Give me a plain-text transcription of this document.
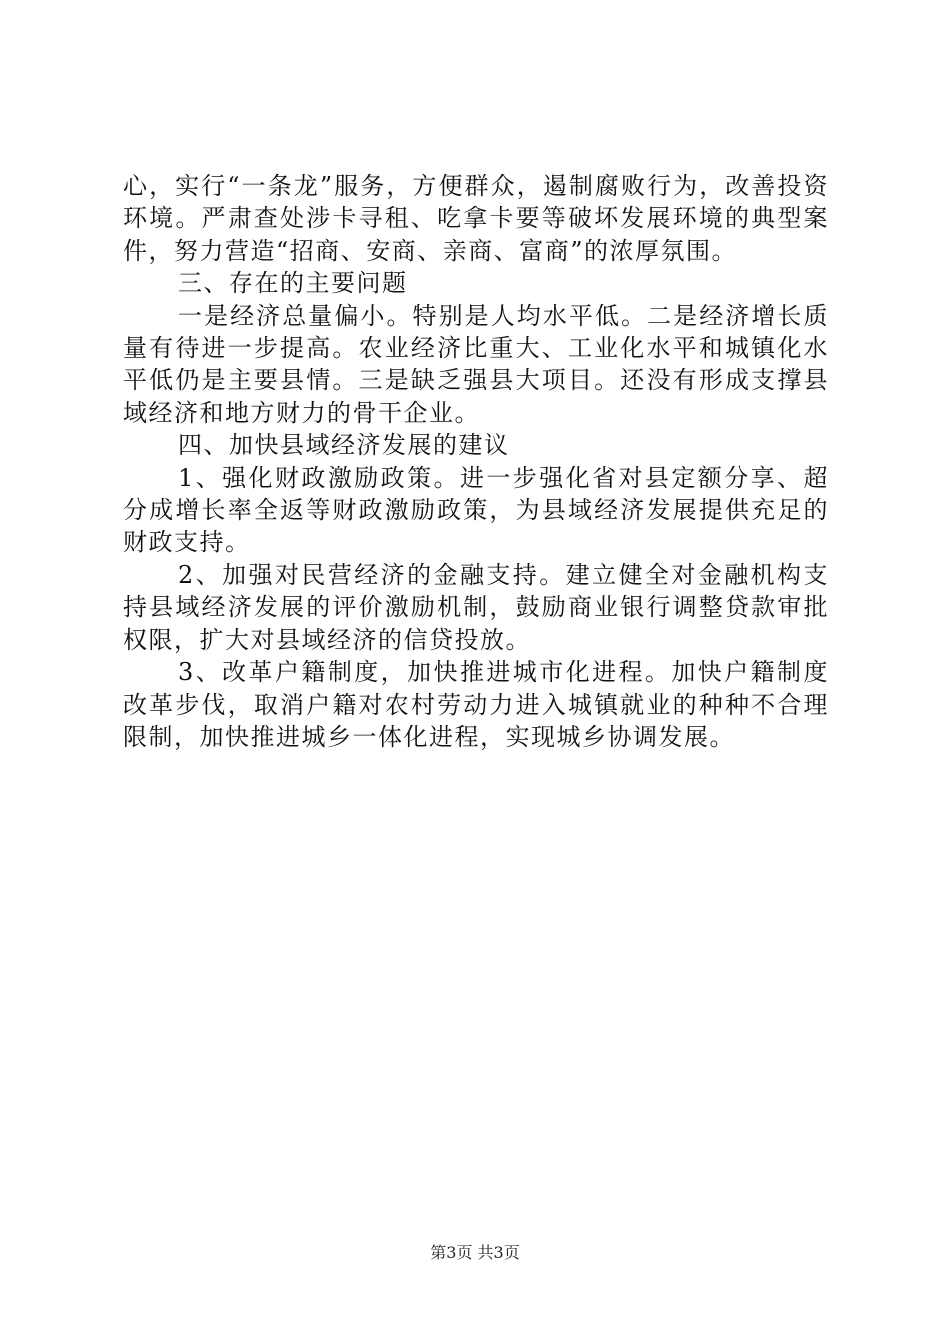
心，实行“一条龙”服务，方便群众，遏制腐败行为，改善投资环境。严肃查处涉卡寻租、吃拿卡要等破坏发展环境的典型案件，努力营造“招商、安商、亲商、富商”的浓厚氛围。

三、存在的主要问题

一是经济总量偏小。特别是人均水平低。二是经济增长质量有待进一步提高。农业经济比重大、工业化水平和城镇化水平低仍是主要县情。三是缺乏强县大项目。还没有形成支撑县域经济和地方财力的骨干企业。

四、加快县域经济发展的建议

1、强化财政激励政策。进一步强化省对县定额分享、超分成增长率全返等财政激励政策，为县域经济发展提供充足的财政支持。

2、加强对民营经济的金融支持。建立健全对金融机构支持县域经济发展的评价激励机制，鼓励商业银行调整贷款审批权限，扩大对县域经济的信贷投放。

3、改革户籍制度，加快推进城市化进程。加快户籍制度改革步伐，取消户籍对农村劳动力进入城镇就业的种种不合理限制，加快推进城乡一体化进程，实现城乡协调发展。

第3页 共3页
